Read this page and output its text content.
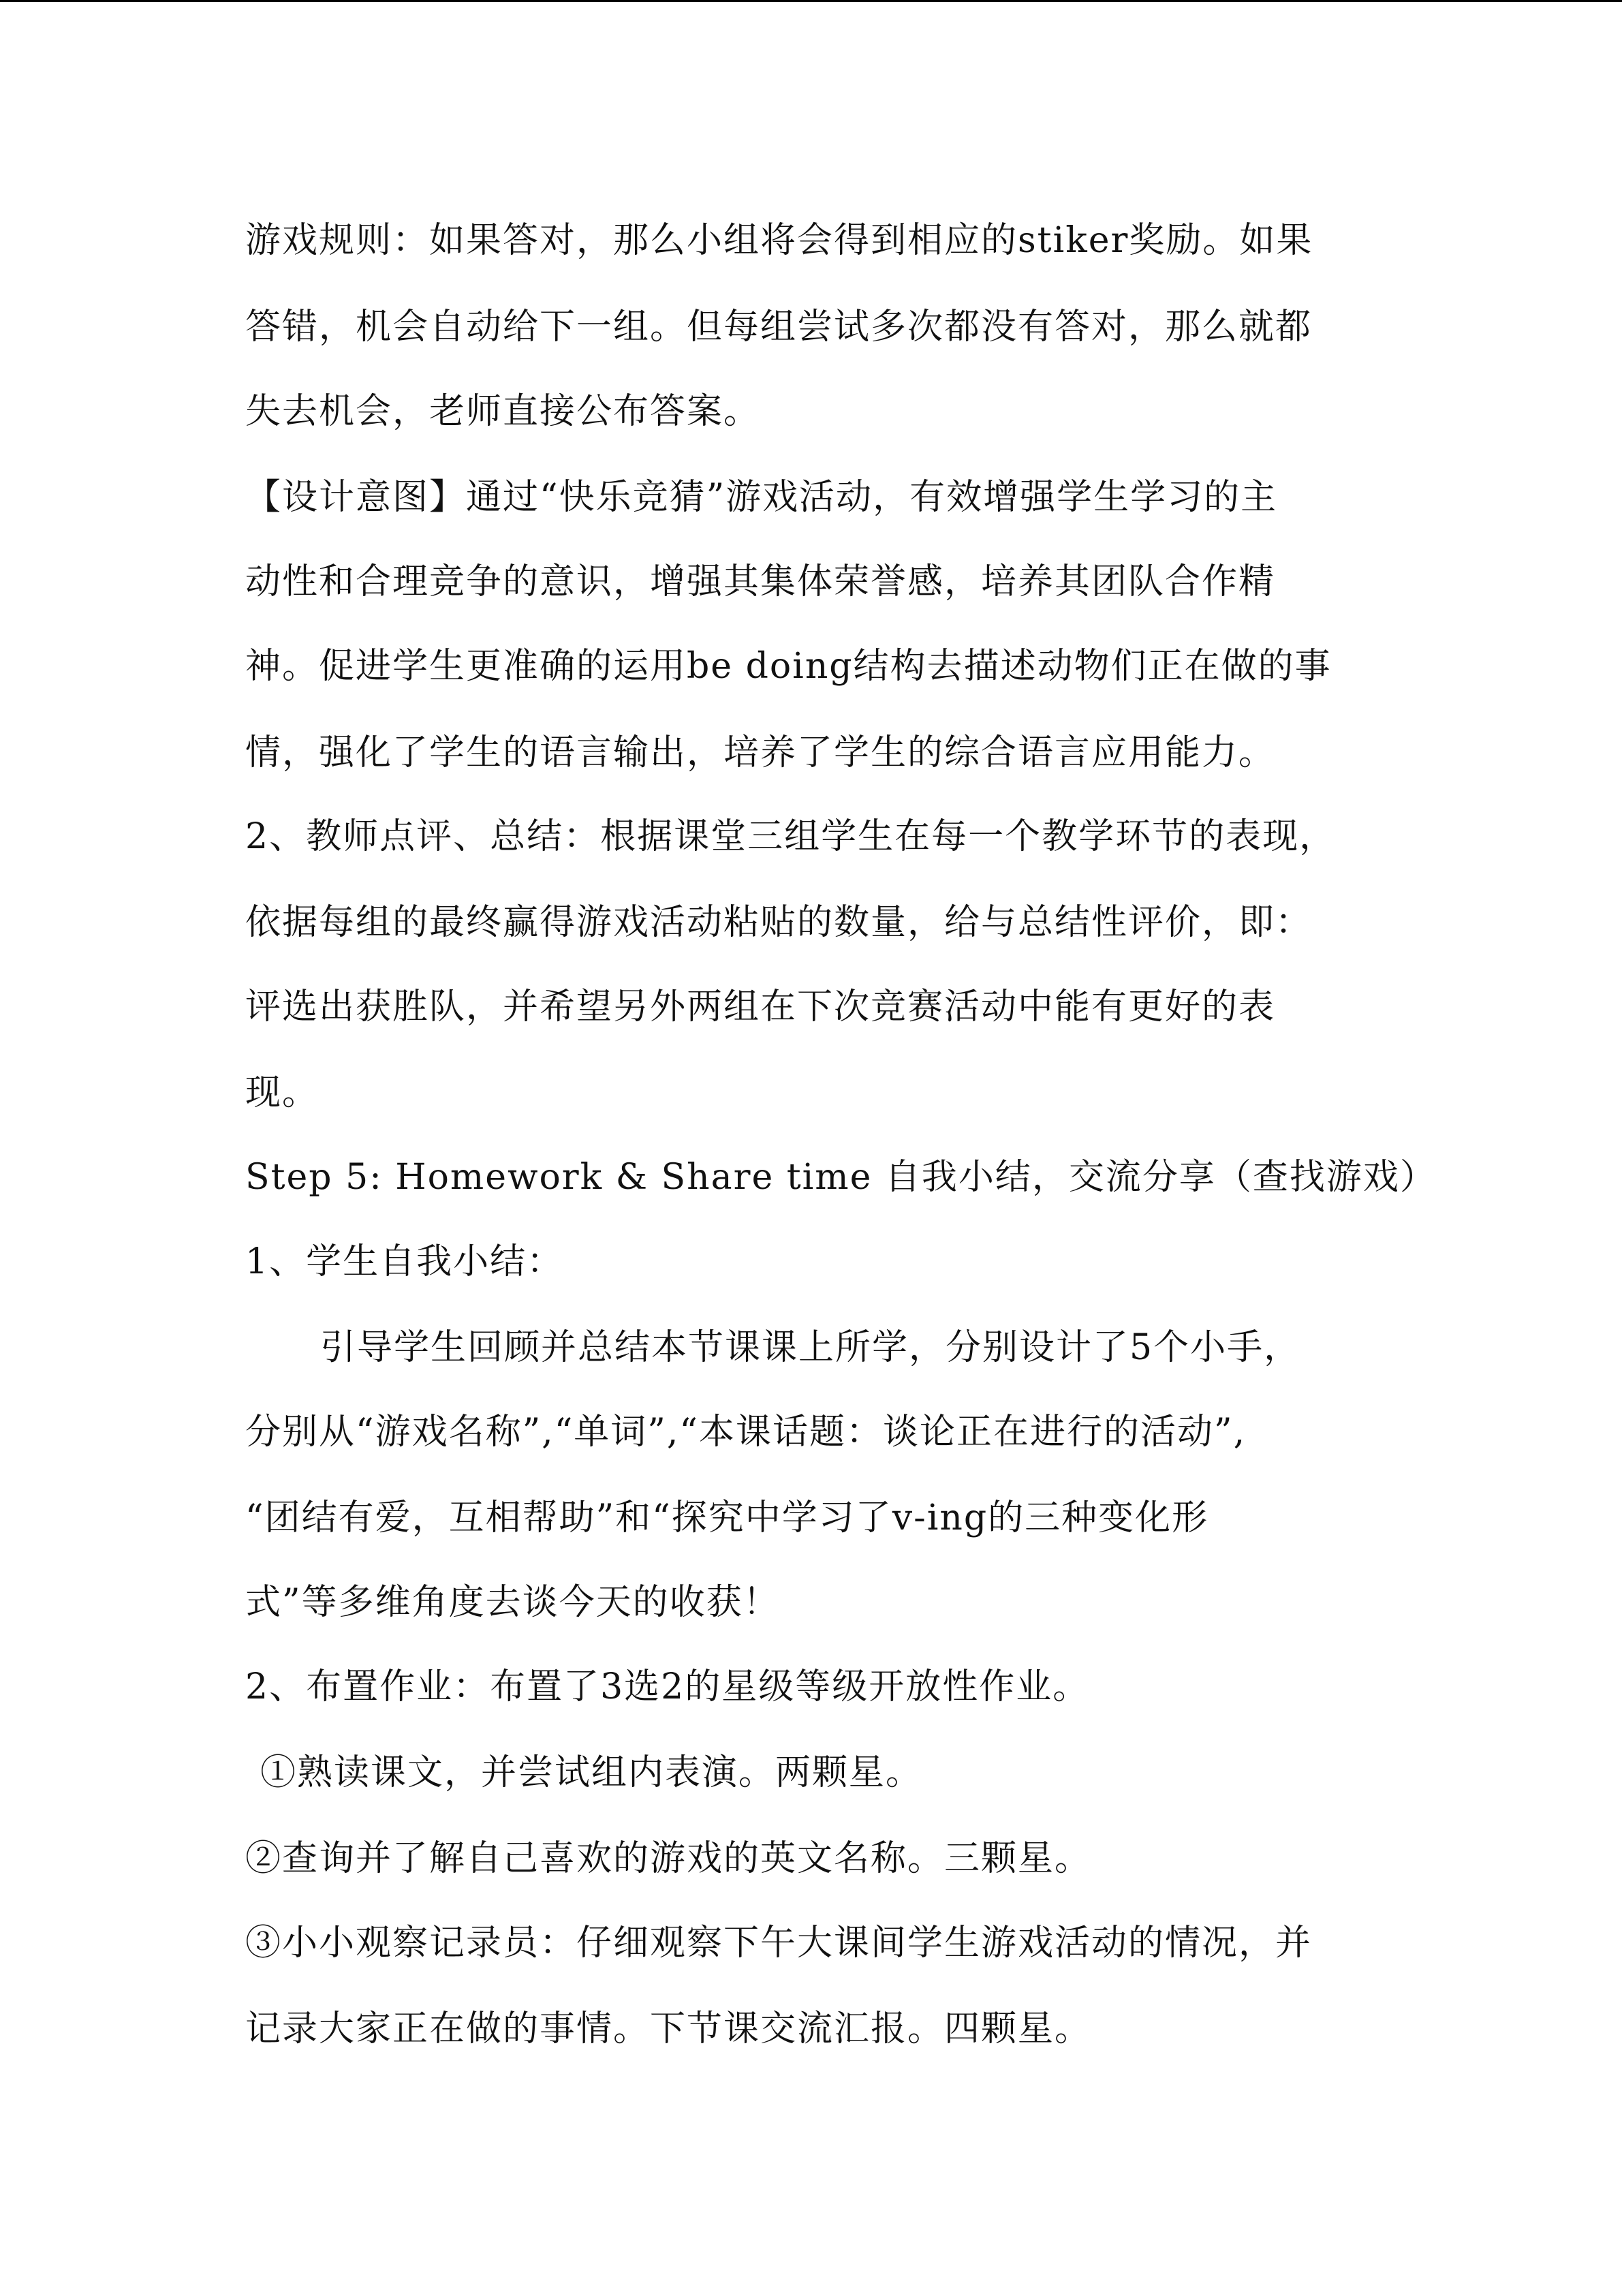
游戏规则：如果答对，那么小组将会得到相应的stiker奖励。如果
答错，机会自动给下一组。但每组尝试多次都没有答对，那么就都
失去机会，老师直接公布答案。
【设计意图】通过“快乐竞猜”游戏活动，有效增强学生学习的主
动性和合理竞争的意识，增强其集体荣誉感，培养其团队合作精
神。促进学生更准确的运用be doing结构去描述动物们正在做的事
情，强化了学生的语言输出，培养了学生的综合语言应用能力。
2、教师点评、总结：根据课堂三组学生在每一个教学环节的表现，
依据每组的最终赢得游戏活动粘贴的数量，给与总结性评价，即：
评选出获胜队，并希望另外两组在下次竞赛活动中能有更好的表
现。
Step 5: Homework & Share time 自我小结，交流分享（查找游戏）
1、学生自我小结：
引导学生回顾并总结本节课课上所学，分别设计了5个小手，
分别从“游戏名称”,“单词”,“本课话题：谈论正在进行的活动”,
“团结有爱，互相帮助”和“探究中学习了v-ing的三种变化形
式”等多维角度去谈今天的收获！
2、布置作业：布置了3选2的星级等级开放性作业。
①熟读课文，并尝试组内表演。两颗星。
②查询并了解自己喜欢的游戏的英文名称。三颗星。
③小小观察记录员：仔细观察下午大课间学生游戏活动的情况，并
记录大家正在做的事情。下节课交流汇报。四颗星。
